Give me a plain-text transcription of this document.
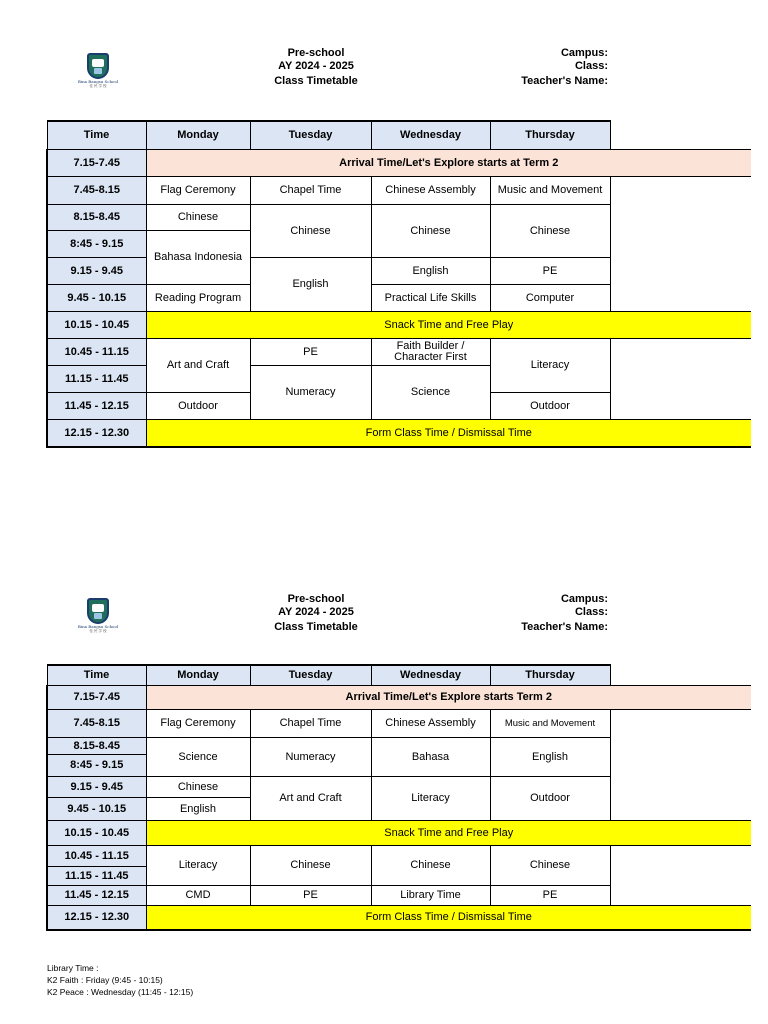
Bina Bangsa School
佳 民 学 校
Pre-school
AY 2024 - 2025
Class Timetable
Campus:
Class:
Teacher's Name:
Time	Monday	Tuesday	Wednesday	Thursday	
7.15-7.45	Arrival Time/Let's Explore starts at Term 2				
7.45-8.15	Flag Ceremony	Chapel Time	Chinese Assembly	Music and Movement	
8.15-8.45	Chinese	Chinese	Chinese	Chinese	
8:45 - 9.15	Bahasa Indonesia				
9.15 - 9.45		English	English	PE	
9.45 - 10.15	Reading Program		Practical Life Skills	Computer	
10.15 - 10.45	Snack Time and Free Play				
10.45 - 11.15	Art and Craft	PE	Faith Builder / Character First	Literacy	
11.15 - 11.45		Numeracy	Science		
11.45 - 12.15	Outdoor			Outdoor	
12.15 - 12.30	Form Class Time / Dismissal Time				
Bina Bangsa School
佳 民 学 校
Pre-school
AY 2024 - 2025
Class Timetable
Campus:
Class:
Teacher's Name:
Time	Monday	Tuesday	Wednesday	Thursday	
7.15-7.45	Arrival Time/Let's Explore starts Term 2				
7.45-8.15	Flag Ceremony	Chapel Time	Chinese Assembly	Music and Movement	
8.15-8.45	Science	Numeracy	Bahasa	English	
8:45 - 9.15					
9.15 - 9.45	Chinese	Art and Craft	Literacy	Outdoor	
9.45 - 10.15	English				
10.15 - 10.45	Snack Time and Free Play				
10.45 - 11.15	Literacy	Chinese	Chinese	Chinese	
11.15 - 11.45					
11.45 - 12.15	CMD	PE	Library Time	PE	
12.15 - 12.30	Form Class Time / Dismissal Time				
Library Time :
K2 Faith : Friday (9:45 - 10:15)
K2 Peace : Wednesday (11:45 - 12:15)
